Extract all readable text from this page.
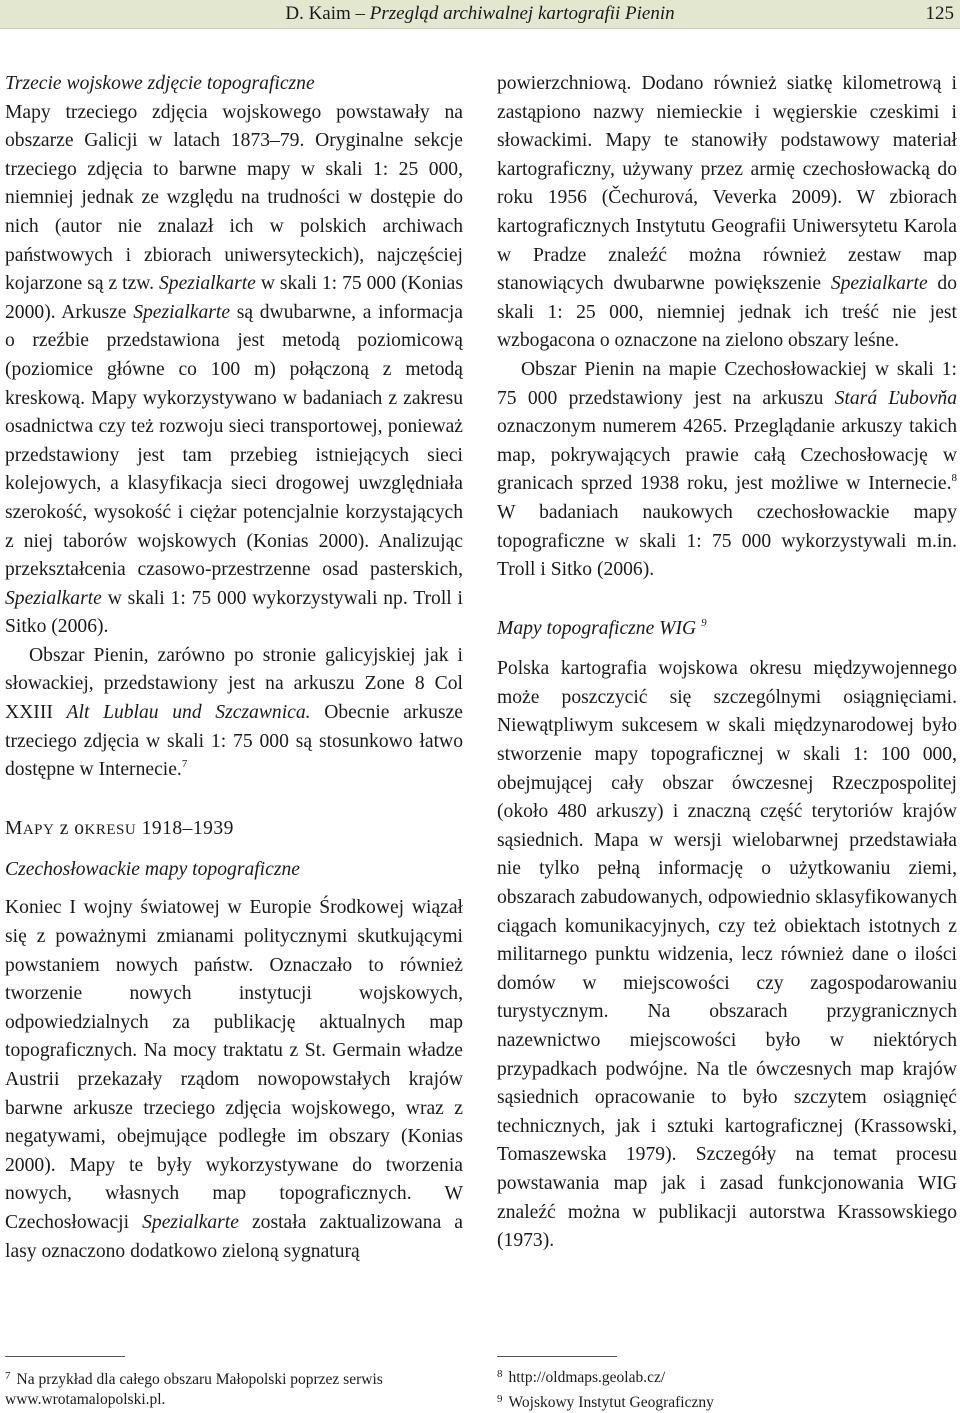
D. Kaim – Przegląd archiwalnej kartografii Pienin	125

Trzecie wojskowe zdjęcie topograficzne

Mapy trzeciego zdjęcia wojskowego powstawały na obszarze Galicji w latach 1873–79. Oryginalne sekcje trzeciego zdjęcia to barwne mapy w skali 1: 25 000, niemniej jednak ze względu na trudności w dostępie do nich (autor nie znalazł ich w polskich archiwach państwowych i zbiorach uniwersyteckich), najczęściej kojarzone są z tzw. Spezialkarte w skali 1: 75 000 (Konias 2000). Arkusze Spezialkarte są dwubarwne, a informacja o rzeźbie przedstawiona jest metodą poziomicową (poziomice główne co 100 m) połączoną z metodą kreskową. Mapy wykorzystywano w badaniach z zakresu osadnictwa czy też rozwoju sieci transportowej, ponieważ przedstawiony jest tam przebieg istniejących sieci kolejowych, a klasyfikacja sieci drogowej uwzględniała szerokość, wysokość i ciężar potencjalnie korzystających z niej taborów wojskowych (Konias 2000). Analizując przekształcenia czasowo-przestrzenne osad pasterskich, Spezialkarte w skali 1: 75 000 wykorzystywali np. Troll i Sitko (2006).

Obszar Pienin, zarówno po stronie galicyjskiej jak i słowackiej, przedstawiony jest na arkuszu Zone 8 Col XXIII Alt Lublau und Szczawnica. Obecnie arkusze trzeciego zdjęcia w skali 1: 75 000 są stosunkowo łatwo dostępne w Internecie.$^7$

MAPY z oKRESU 1918–1939

Czechosłowackie mapy topograficzne

Koniec I wojny światowej w Europie Środkowej wiązał się z poważnymi zmianami politycznymi skutkującymi powstaniem nowych państw. Oznaczało to również tworzenie nowych instytucji wojskowych, odpowiedzialnych za publikację aktualnych map topograficznych. Na mocy traktatu z St. Germain władze Austrii przekazały rządom nowopowstałych krajów barwne arkusze trzeciego zdjęcia wojskowego, wraz z negatywami, obejmujące podległe im obszary (Konias 2000). Mapy te były wykorzystywane do tworzenia nowych, własnych map topograficznych. W Czechosłowacji Spezialkarte została zaktualizowana a lasy oznaczono dodatkowo zieloną sygnaturą

powierzchniową. Dodano również siatkę kilometrową i zastąpiono nazwy niemieckie i węgierskie czeskimi i słowackimi. Mapy te stanowiły podstawowy materiał kartograficzny, używany przez armię czechosłowacką do roku 1956 (Čechurová, Veverka 2009). W zbiorach kartograficznych Instytutu Geografii Uniwersytetu Karola w Pradze znaleźć można również zestaw map stanowiących dwubarwne powiększenie Spezialkarte do skali 1: 25 000, niemniej jednak ich treść nie jest wzbogacona o oznaczone na zielono obszary leśne.

Obszar Pienin na mapie Czechosłowackiej w skali 1: 75 000 przedstawiony jest na arkuszu Stará Ľubovňa oznaczonym numerem 4265. Przeglądanie arkuszy takich map, pokrywających prawie całą Czechosłowację w granicach sprzed 1938 roku, jest możliwe w Internecie.$^8$ W badaniach naukowych czechosłowackie mapy topograficzne w skali 1: 75 000 wykorzystywali m.in. Troll i Sitko (2006).

Mapy topograficzne WIG $^9$

Polska kartografia wojskowa okresu międzywojennego może poszczycić się szczególnymi osiągnięciami. Niewątpliwym sukcesem w skali międzynarodowej było stworzenie mapy topograficznej w skali 1: 100 000, obejmującej cały obszar ówczesnej Rzeczpospolitej (około 480 arkuszy) i znaczną część terytoriów krajów sąsiednich. Mapa w wersji wielobarwnej przedstawiała nie tylko pełną informację o użytkowaniu ziemi, obszarach zabudowanych, odpowiednio sklasyfikowanych ciągach komunikacyjnych, czy też obiektach istotnych z militarnego punktu widzenia, lecz również dane o ilości domów w miejscowości czy zagospodarowaniu turystycznym. Na obszarach przygranicznych nazewnictwo miejscowości było w niektórych przypadkach podwójne. Na tle ówczesnych map krajów sąsiednich opracowanie to było szczytem osiągnięć technicznych, jak i sztuki kartograficznej (Krassowski, Tomaszewska 1979). Szczegóły na temat procesu powstawania map jak i zasad funkcjonowania WIG znaleźć można w publikacji autorstwa Krassowskiego (1973).

$^7$ Na przykład dla całego obszaru Małopolski poprzez serwis www.wrotamalopolski.pl.
$^8$ http://oldmaps.geolab.cz/
$^9$ Wojskowy Instytut Geograficzny
